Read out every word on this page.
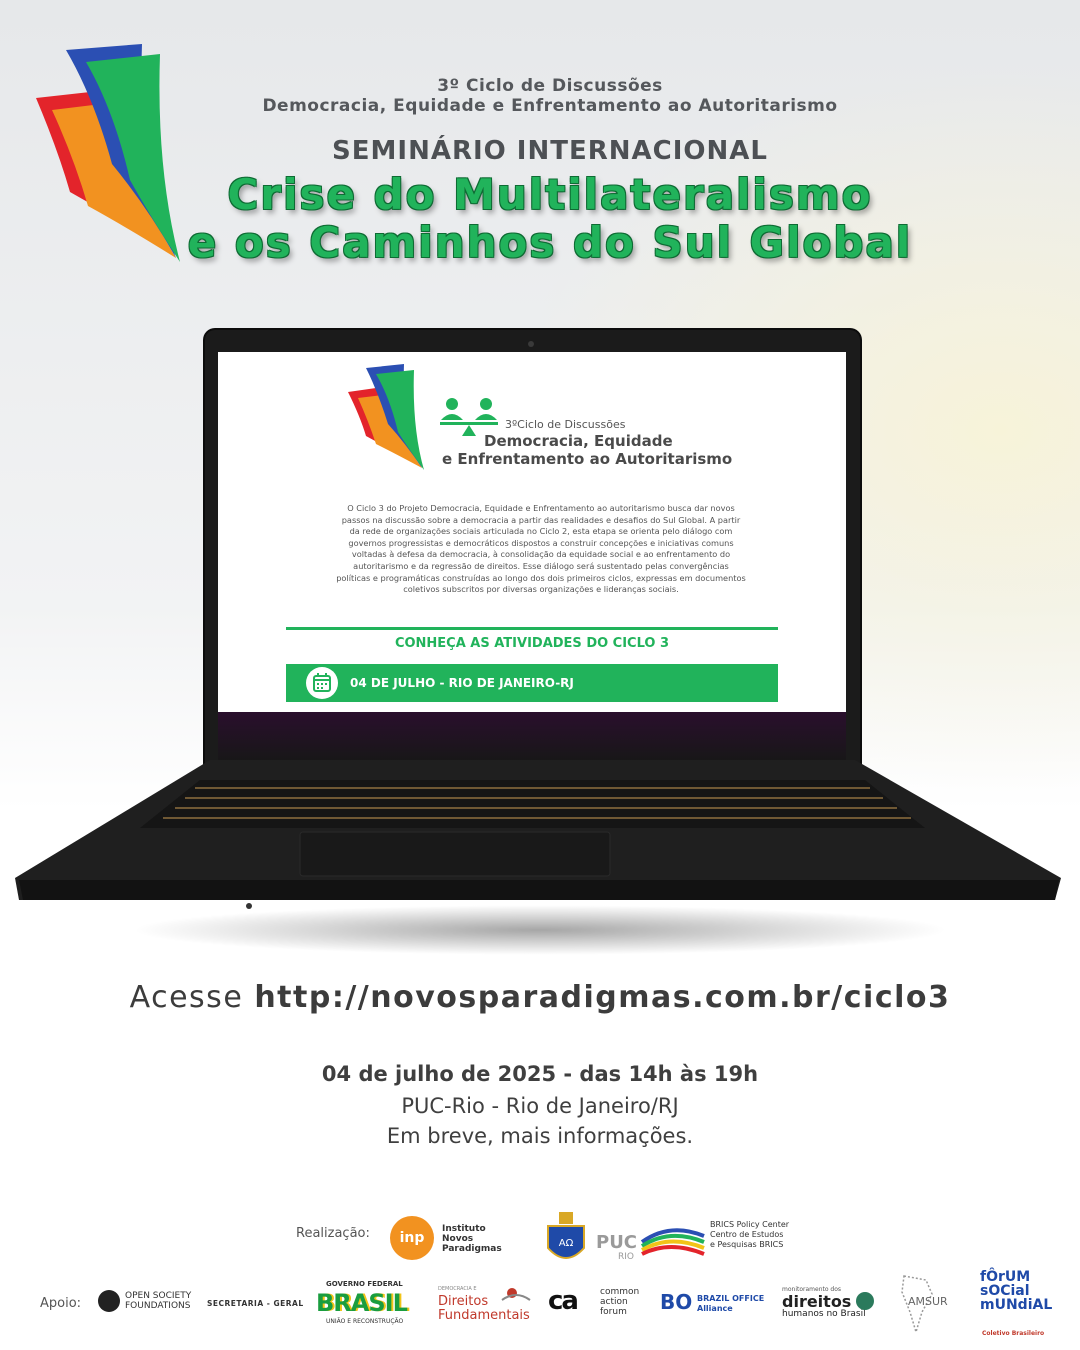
3º Ciclo de Discussões
Democracia, Equidade e Enfrentamento ao Autoritarismo
SEMINÁRIO INTERNACIONAL
Crise do Multilateralismo
e os Caminhos do Sul Global
3ºCiclo de Discussões
Democracia, Equidade
e Enfrentamento ao Autoritarismo
O Ciclo 3 do Projeto Democracia, Equidade e Enfrentamento ao autoritarismo busca dar novos passos na discussão sobre a democracia a partir das realidades e desafios do Sul Global. A partir da rede de organizações sociais articulada no Ciclo 2, esta etapa se orienta pelo diálogo com governos progressistas e democráticos dispostos a construir concepções e iniciativas comuns voltadas à defesa da democracia, à consolidação da equidade social e ao enfrentamento do autoritarismo e da regressão de direitos. Esse diálogo será sustentado pelas convergências políticas e programáticas construídas ao longo dos dois primeiros ciclos, expressas em documentos coletivos subscritos por diversas organizações e lideranças sociais.
CONHEÇA AS ATIVIDADES DO CICLO 3
04 DE JULHO - RIO DE JANEIRO-RJ
Acesse http://novosparadigmas.com.br/ciclo3
04 de julho de 2025 - das 14h às 19h
PUC-Rio - Rio de Janeiro/RJ
Em breve, mais informações.
Realização:	inp
Instituto Novos Paradigmas	AΩ PUC
RIO
BRICS Policy Center Centro de Estudos e Pesquisas BRICS
Apoio:	OPEN SOCIETY FOUNDATIONS	SECRETARIA - GERAL
GOVERNO FEDERAL
BRASIL
UNIÃO E RECONSTRUÇÃO
DEMOCRACIA E
Direitos
Fundamentais ca	common action forum	BO BRAZIL OFFICE Alliance
monitoramento dos
direitos
humanos no Brasil
AMSUR
fÔrUM
sOCial
mUNdiAL
Coletivo Brasileiro
